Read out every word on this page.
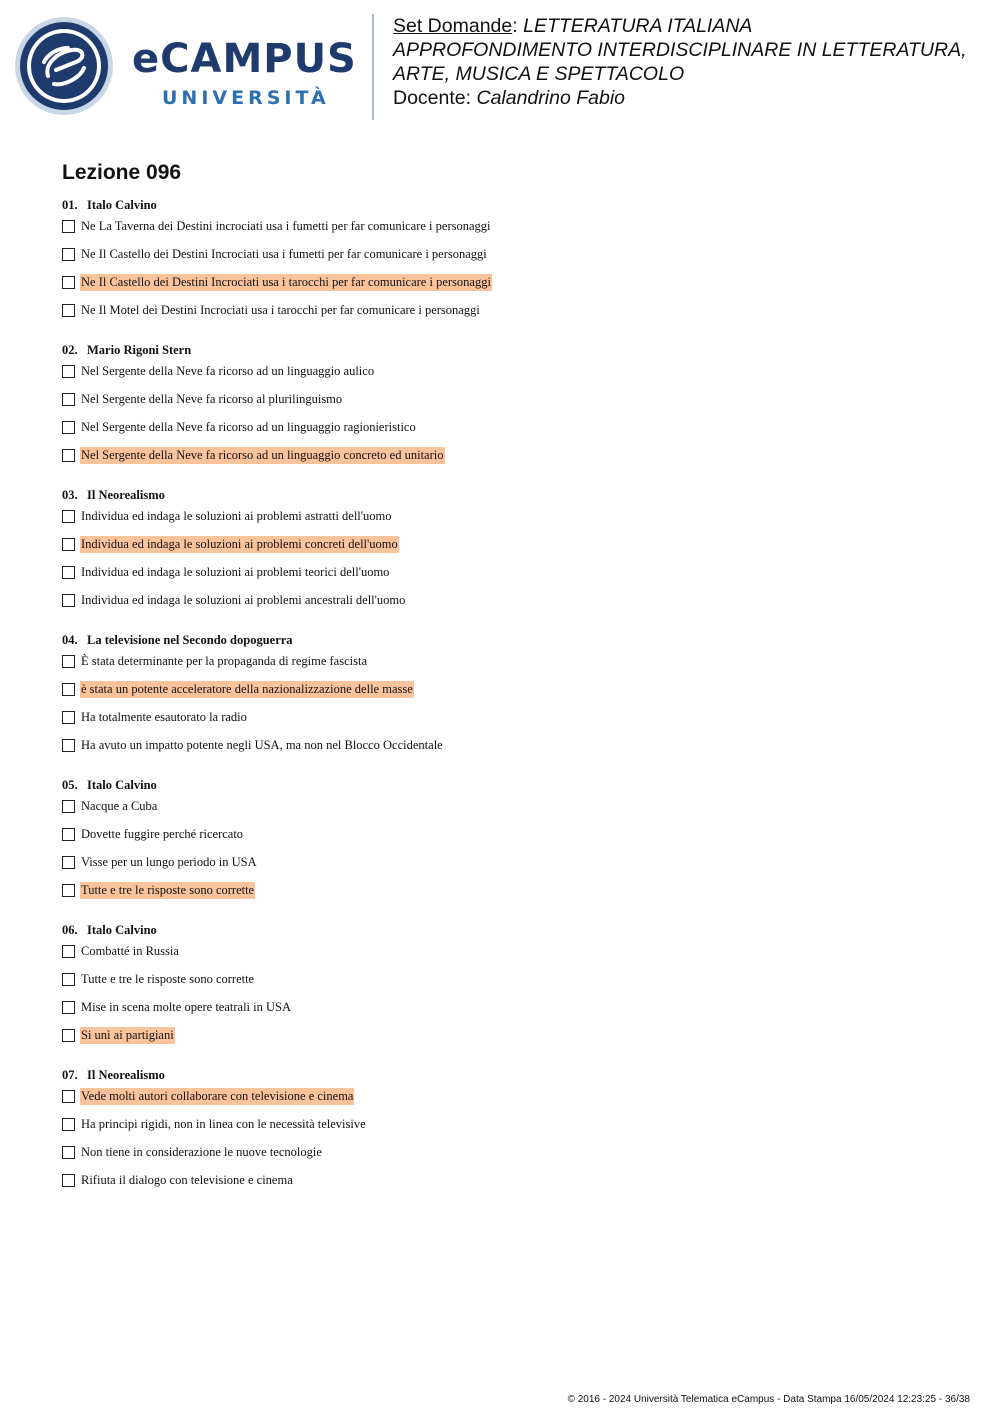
eCAMPUS
UNIVERSITÀ
Set Domande: LETTERATURA ITALIANA
APPROFONDIMENTO INTERDISCIPLINARE IN LETTERATURA,
ARTE, MUSICA E SPETTACOLO
Docente: Calandrino Fabio
Lezione 096
01. Italo Calvino
Ne La Taverna dei Destini incrociati usa i fumetti per far comunicare i personaggi
Ne Il Castello dei Destini Incrociati usa i fumetti per far comunicare i personaggi
Ne Il Castello dei Destini Incrociati usa i tarocchi per far comunicare i personaggi
Ne Il Motel dei Destini Incrociati usa i tarocchi per far comunicare i personaggi
02. Mario Rigoni Stern
Nel Sergente della Neve fa ricorso ad un linguaggio aulico
Nel Sergente della Neve fa ricorso al plurilinguismo
Nel Sergente della Neve fa ricorso ad un linguaggio ragionieristico
Nel Sergente della Neve fa ricorso ad un linguaggio concreto ed unitario
03. Il Neorealismo
Individua ed indaga le soluzioni ai problemi astratti dell'uomo
Individua ed indaga le soluzioni ai problemi concreti dell'uomo
Individua ed indaga le soluzioni ai problemi teorici dell'uomo
Individua ed indaga le soluzioni ai problemi ancestrali dell'uomo
04. La televisione nel Secondo dopoguerra
È stata determinante per la propaganda di regime fascista
è stata un potente acceleratore della nazionalizzazione delle masse
Ha totalmente esautorato la radio
Ha avuto un impatto potente negli USA, ma non nel Blocco Occidentale
05. Italo Calvino
Nacque a Cuba
Dovette fuggire perché ricercato
Visse per un lungo periodo in USA
Tutte e tre le risposte sono corrette
06. Italo Calvino
Combatté in Russia
Tutte e tre le risposte sono corrette
Mise in scena molte opere teatrali in USA
Si unì ai partigiani
07. Il Neorealismo
Vede molti autori collaborare con televisione e cinema
Ha principi rigidi, non in linea con le necessità televisive
Non tiene in considerazione le nuove tecnologie
Rifiuta il dialogo con televisione e cinema
© 2016 - 2024 Università Telematica eCampus - Data Stampa 16/05/2024 12:23:25 - 36/38
